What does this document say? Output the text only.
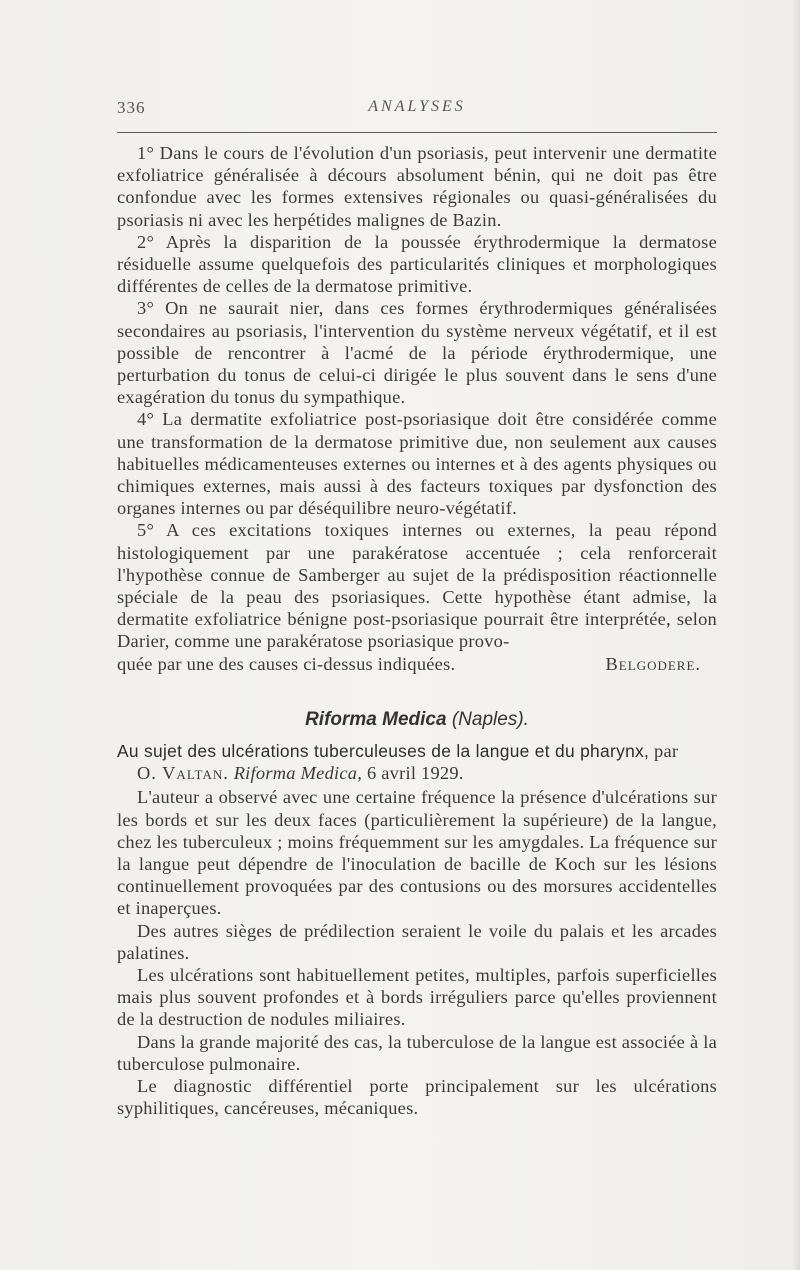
336	ANALYSES

1° Dans le cours de l'évolution d'un psoriasis, peut intervenir une dermatite exfoliatrice généralisée à décours absolument bénin, qui ne doit pas être confondue avec les formes extensives régionales ou quasi-généralisées du psoriasis ni avec les herpétides malignes de Bazin.

2° Après la disparition de la poussée érythrodermique la dermatose résiduelle assume quelquefois des particularités cliniques et morphologiques différentes de celles de la dermatose primitive.

3° On ne saurait nier, dans ces formes érythrodermiques généralisées secondaires au psoriasis, l'intervention du système nerveux végétatif, et il est possible de rencontrer à l'acmé de la période érythrodermique, une perturbation du tonus de celui-ci dirigée le plus souvent dans le sens d'une exagération du tonus du sympathique.

4° La dermatite exfoliatrice post-psoriasique doit être considérée comme une transformation de la dermatose primitive due, non seulement aux causes habituelles médicamenteuses externes ou internes et à des agents physiques ou chimiques externes, mais aussi à des facteurs toxiques par dysfonction des organes internes ou par déséquilibre neuro-végétatif.

5° A ces excitations toxiques internes ou externes, la peau répond histologiquement par une parakératose accentuée ; cela renforcerait l'hypothèse connue de Samberger au sujet de la prédisposition réactionnelle spéciale de la peau des psoriasiques. Cette hypothèse étant admise, la dermatite exfoliatrice bénigne post-psoriasique pourrait être interprétée, selon Darier, comme une parakératose psoriasique provo-

quée par une des causes ci-dessus indiquées.	Belgodere.
Riforma Medica (Naples).

Au sujet des ulcérations tuberculeuses de la langue et du pharynx, par
O. Valtan. Riforma Medica, 6 avril 1929.

L'auteur a observé avec une certaine fréquence la présence d'ulcérations sur les bords et sur les deux faces (particulièrement la supérieure) de la langue, chez les tuberculeux ; moins fréquemment sur les amygdales. La fréquence sur la langue peut dépendre de l'inoculation de bacille de Koch sur les lésions continuellement provoquées par des contusions ou des morsures accidentelles et inaperçues.

Des autres sièges de prédilection seraient le voile du palais et les arcades palatines.

Les ulcérations sont habituellement petites, multiples, parfois superficielles mais plus souvent profondes et à bords irréguliers parce qu'elles proviennent de la destruction de nodules miliaires.

Dans la grande majorité des cas, la tuberculose de la langue est associée à la tuberculose pulmonaire.

Le diagnostic différentiel porte principalement sur les ulcérations syphilitiques, cancéreuses, mécaniques.
